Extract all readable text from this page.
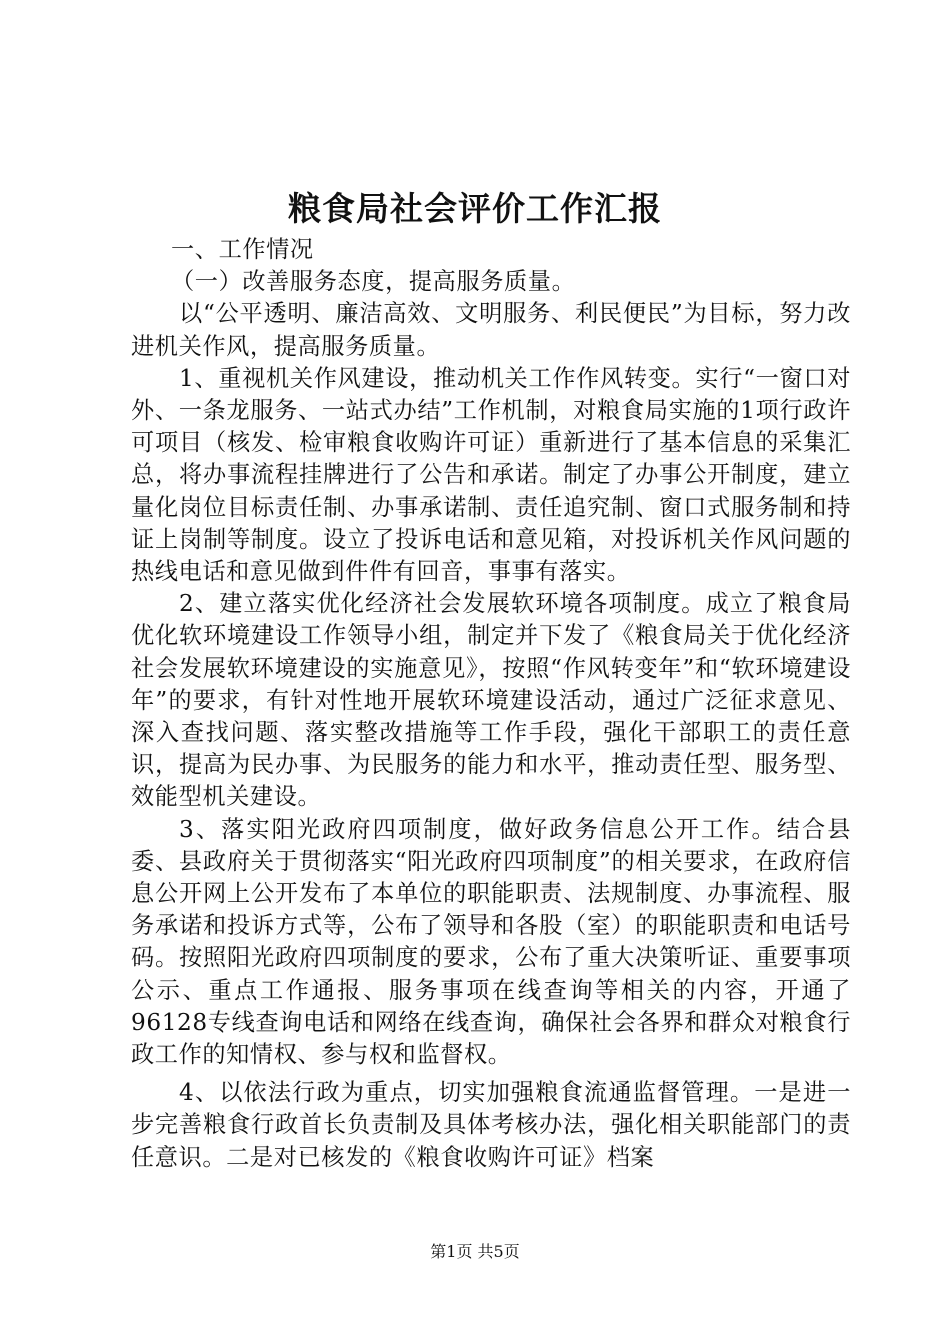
粮食局社会评价工作汇报

一、工作情况

（一）改善服务态度，提高服务质量。

以“公平透明、廉洁高效、文明服务、利民便民”为目标，努力改进机关作风，提高服务质量。

1、重视机关作风建设，推动机关工作作风转变。实行“一窗口对外、一条龙服务、一站式办结”工作机制，对粮食局实施的1项行政许可项目（核发、检审粮食收购许可证）重新进行了基本信息的采集汇总，将办事流程挂牌进行了公告和承诺。制定了办事公开制度，建立量化岗位目标责任制、办事承诺制、责任追究制、窗口式服务制和持证上岗制等制度。设立了投诉电话和意见箱，对投诉机关作风问题的热线电话和意见做到件件有回音，事事有落实。

2、建立落实优化经济社会发展软环境各项制度。成立了粮食局优化软环境建设工作领导小组，制定并下发了《粮食局关于优化经济社会发展软环境建设的实施意见》，按照“作风转变年”和“软环境建设年”的要求，有针对性地开展软环境建设活动，通过广泛征求意见、深入查找问题、落实整改措施等工作手段，强化干部职工的责任意识，提高为民办事、为民服务的能力和水平，推动责任型、服务型、效能型机关建设。

3、落实阳光政府四项制度，做好政务信息公开工作。结合县委、县政府关于贯彻落实“阳光政府四项制度”的相关要求，在政府信息公开网上公开发布了本单位的职能职责、法规制度、办事流程、服务承诺和投诉方式等，公布了领导和各股（室）的职能职责和电话号码。按照阳光政府四项制度的要求，公布了重大决策听证、重要事项公示、重点工作通报、服务事项在线查询等相关的内容，开通了96128专线查询电话和网络在线查询，确保社会各界和群众对粮食行政工作的知情权、参与权和监督权。

4、以依法行政为重点，切实加强粮食流通监督管理。一是进一步完善粮食行政首长负责制及具体考核办法，强化相关职能部门的责任意识。二是对已核发的《粮食收购许可证》档案

第1页 共5页
